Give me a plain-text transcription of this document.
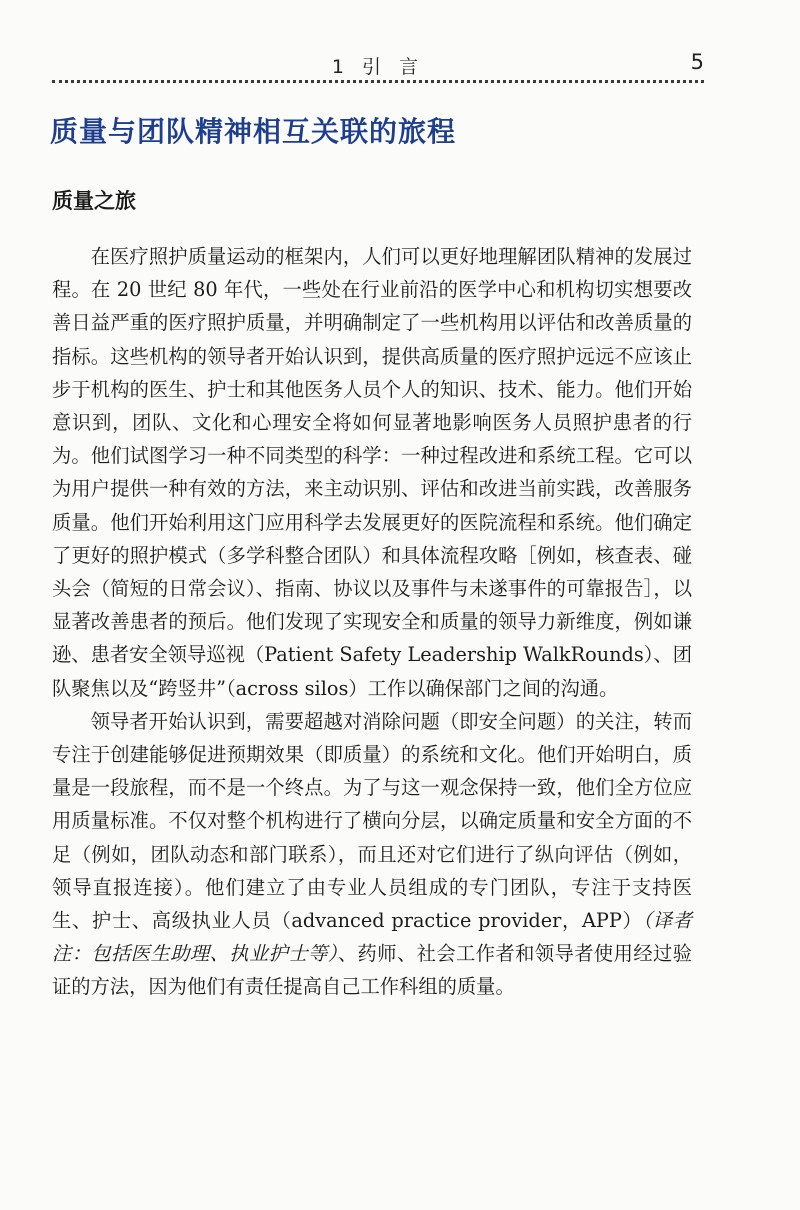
1 引 言	5
质量与团队精神相互关联的旅程
质量之旅

在医疗照护质量运动的框架内，人们可以更好地理解团队精神的发展过程。在 20 世纪 80 年代，一些处在行业前沿的医学中心和机构切实想要改善日益严重的医疗照护质量，并明确制定了一些机构用以评估和改善质量的指标。这些机构的领导者开始认识到，提供高质量的医疗照护远远不应该止步于机构的医生、护士和其他医务人员个人的知识、技术、能力。他们开始意识到，团队、文化和心理安全将如何显著地影响医务人员照护患者的行为。他们试图学习一种不同类型的科学：一种过程改进和系统工程。它可以为用户提供一种有效的方法，来主动识别、评估和改进当前实践，改善服务质量。他们开始利用这门应用科学去发展更好的医院流程和系统。他们确定了更好的照护模式（多学科整合团队）和具体流程攻略［例如，核查表、碰头会（简短的日常会议）、指南、协议以及事件与未遂事件的可靠报告］，以显著改善患者的预后。他们发现了实现安全和质量的领导力新维度，例如谦逊、患者安全领导巡视（Patient Safety Leadership WalkRounds）、团队聚焦以及“跨竖井”（across silos）工作以确保部门之间的沟通。

领导者开始认识到，需要超越对消除问题（即安全问题）的关注，转而专注于创建能够促进预期效果（即质量）的系统和文化。他们开始明白，质量是一段旅程，而不是一个终点。为了与这一观念保持一致，他们全方位应用质量标准。不仅对整个机构进行了横向分层，以确定质量和安全方面的不足（例如，团队动态和部门联系），而且还对它们进行了纵向评估（例如，领导直报连接）。他们建立了由专业人员组成的专门团队，专注于支持医生、护士、高级执业人员（advanced practice provider，APP）（译者注：包括医生助理、执业护士等）、药师、社会工作者和领导者使用经过验证的方法，因为他们有责任提高自己工作科组的质量。
